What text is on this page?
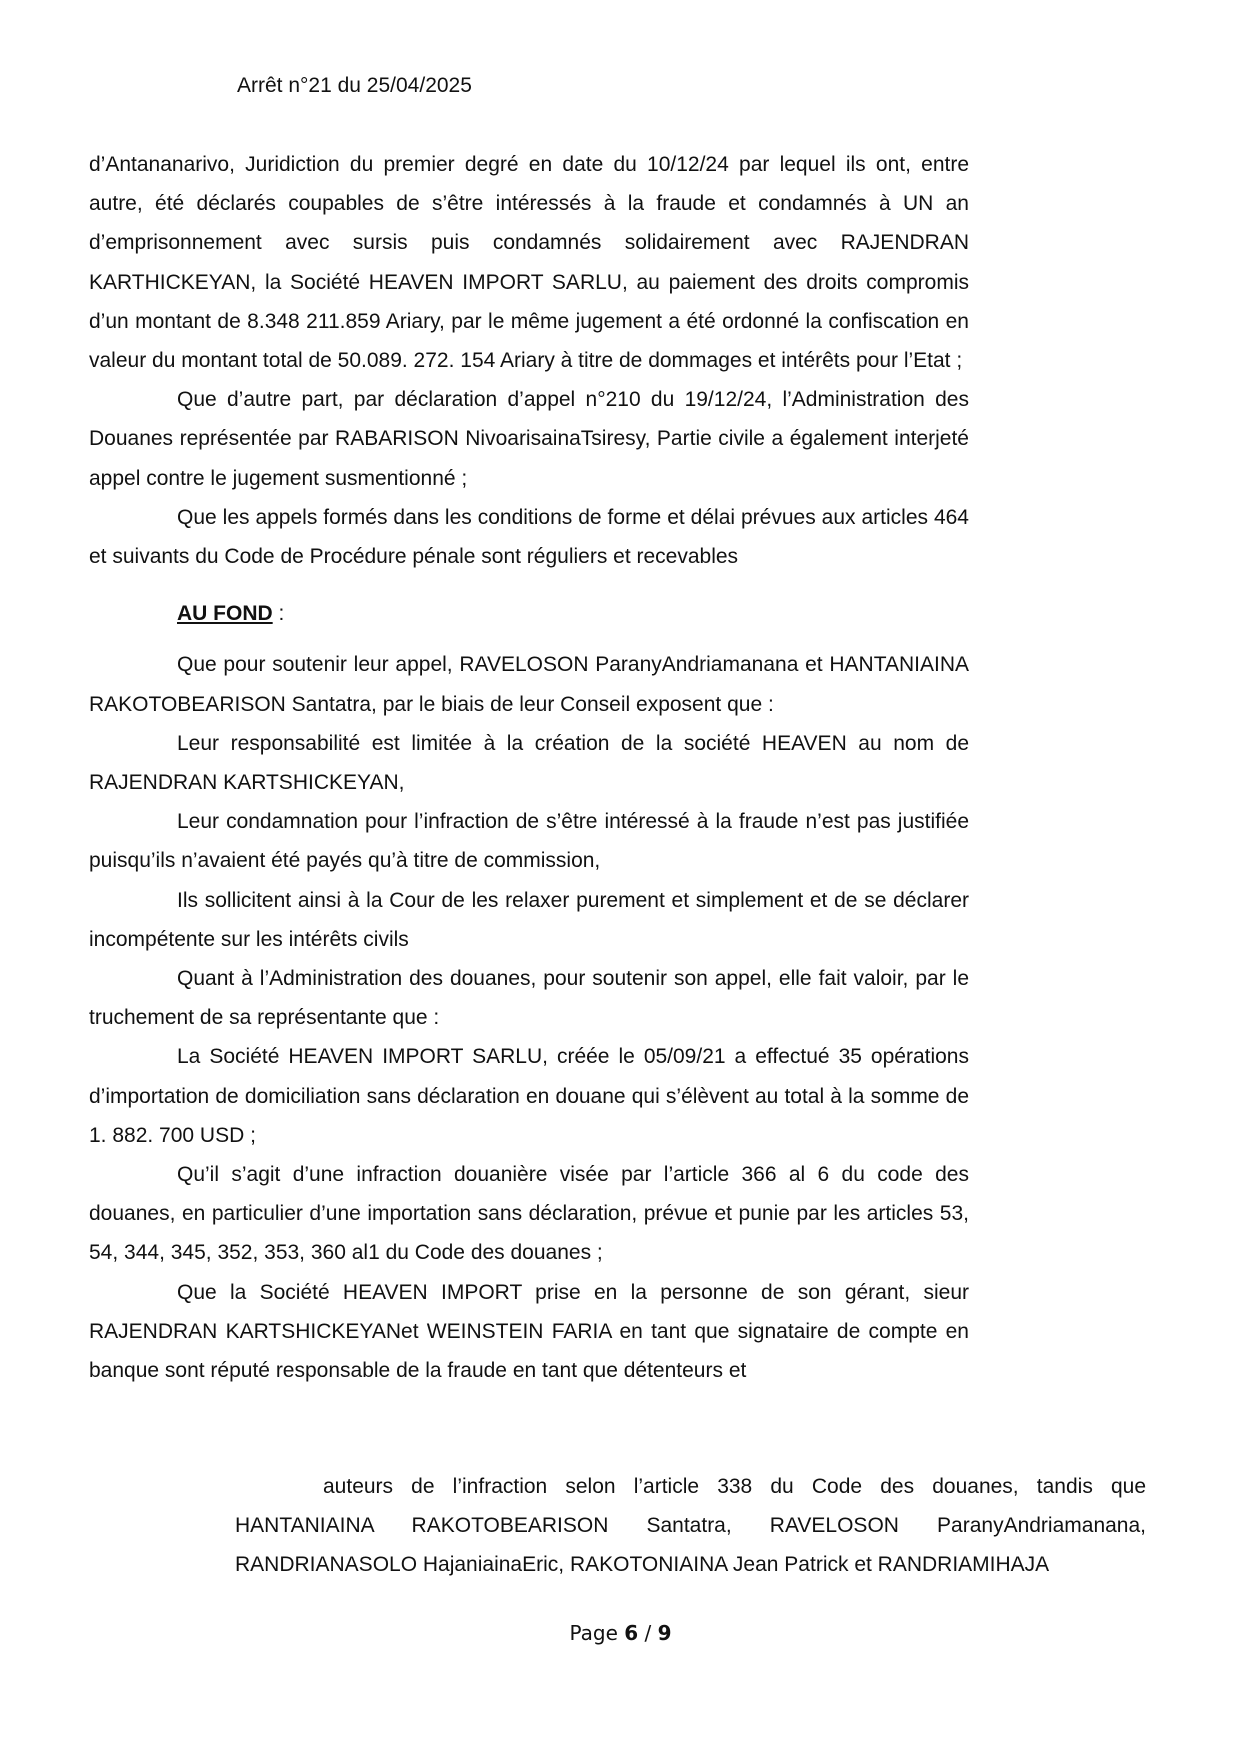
Arrêt n°21 du 25/04/2025

d’Antananarivo, Juridiction du premier degré en date du 10/12/24 par lequel ils ont, entre autre, été déclarés coupables de s’être intéressés à la fraude et condamnés à UN an d’emprisonnement avec sursis puis condamnés solidairement avec RAJENDRAN KARTHICKEYAN, la Société HEAVEN IMPORT SARLU, au paiement des droits compromis d’un montant de 8.348 211.859 Ariary, par le même jugement a été ordonné la confiscation en valeur du montant total de 50.089. 272. 154 Ariary à titre de dommages et intérêts pour l’Etat ;

Que d’autre part, par déclaration d’appel n°210 du 19/12/24, l’Administration des Douanes représentée par RABARISON NivoarisainaTsiresy, Partie civile a également interjeté appel contre le jugement susmentionné ;

Que les appels formés dans les conditions de forme et délai prévues aux articles 464 et suivants du Code de Procédure pénale sont réguliers et recevables

AU FOND :

Que pour soutenir leur appel, RAVELOSON ParanyAndriamanana et HANTANIAINA RAKOTOBEARISON Santatra, par le biais de leur Conseil exposent que :

Leur responsabilité est limitée à la création de la société HEAVEN au nom de RAJENDRAN KARTSHICKEYAN,

Leur condamnation pour l’infraction de s’être intéressé à la fraude n’est pas justifiée puisqu’ils n’avaient été payés qu’à titre de commission,

Ils sollicitent ainsi à la Cour de les relaxer purement et simplement et de se déclarer incompétente sur les intérêts civils

Quant à l’Administration des douanes, pour soutenir son appel, elle fait valoir, par le truchement de sa représentante que :

La Société HEAVEN IMPORT SARLU, créée le 05/09/21 a effectué 35 opérations d’importation de domiciliation sans déclaration en douane qui s’élèvent au total à la somme de 1. 882. 700 USD ;

Qu’il s’agit d’une infraction douanière visée par l’article 366 al 6 du code des douanes, en particulier d’une importation sans déclaration, prévue et punie par les articles 53, 54, 344, 345, 352, 353, 360 al1 du Code des douanes ;

Que la Société HEAVEN IMPORT prise en la personne de son gérant, sieur RAJENDRAN KARTSHICKEYANet WEINSTEIN FARIA en tant que signataire de compte en banque sont réputé responsable de la fraude en tant que détenteurs et

auteurs de l’infraction selon l’article 338 du Code des douanes, tandis que HANTANIAINA RAKOTOBEARISON Santatra, RAVELOSON ParanyAndriamanana, RANDRIANASOLO HajaniainaEric, RAKOTONIAINA Jean Patrick et RANDRIAMIHAJA

Page 6 / 9
